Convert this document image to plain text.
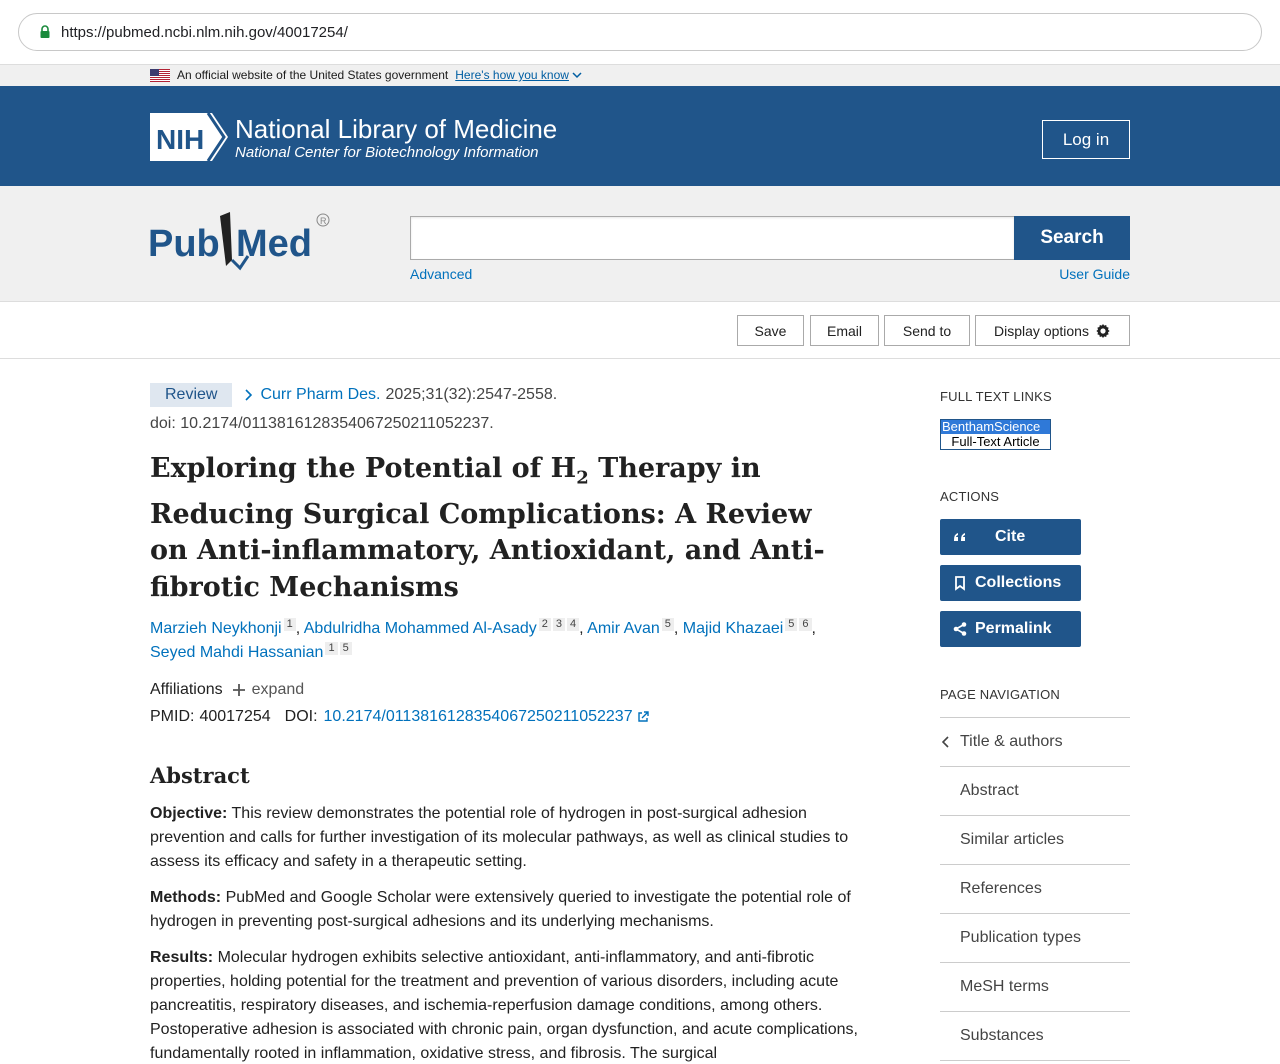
https://pubmed.ncbi.nlm.nih.gov/40017254/
An official website of the United States government Here's how you know
NIH National Library of Medicine
National Center for Biotechnology Information
Log in
Pub Med
R
Search
Advanced	User Guide
Save	Email	Send to	Display options
Review	Curr Pharm Des. 2025;31(32):2547-2558.
doi: 10.2174/0113816128354067250211052237.
Exploring the Potential of $H_2$ Therapy in Reducing Surgical Complications: A Review on Anti-inflammatory, Antioxidant, and Anti-fibrotic Mechanisms
Marzieh Neykhonji 1 , Abdulridha Mohammed Al-Asady 2 3 4 , Amir Avan 5 , Majid Khazaei 5 6 ,
Seyed Mahdi Hassanian 1 5
Affiliations expand
PMID: 40017254 DOI: 10.2174/0113816128354067250211052237
Abstract

Objective: This review demonstrates the potential role of hydrogen in post-surgical adhesion prevention and calls for further investigation of its molecular pathways, as well as clinical studies to assess its efficacy and safety in a therapeutic setting.

Methods: PubMed and Google Scholar were extensively queried to investigate the potential role of hydrogen in preventing post-surgical adhesions and its underlying mechanisms.

Results: Molecular hydrogen exhibits selective antioxidant, anti-inflammatory, and anti-fibrotic properties, holding potential for the treatment and prevention of various disorders, including acute pancreatitis, respiratory diseases, and ischemia-reperfusion damage conditions, among others. Postoperative adhesion is associated with chronic pain, organ dysfunction, and acute complications, fundamentally rooted in inflammation, oxidative stress, and fibrosis. The surgical

FULL TEXT LINKS
BenthamScience
Full-Text Article
ACTIONS
Cite
Collections
Permalink
PAGE NAVIGATION
Title & authors
Abstract
Similar articles
References
Publication types
MeSH terms
Substances
